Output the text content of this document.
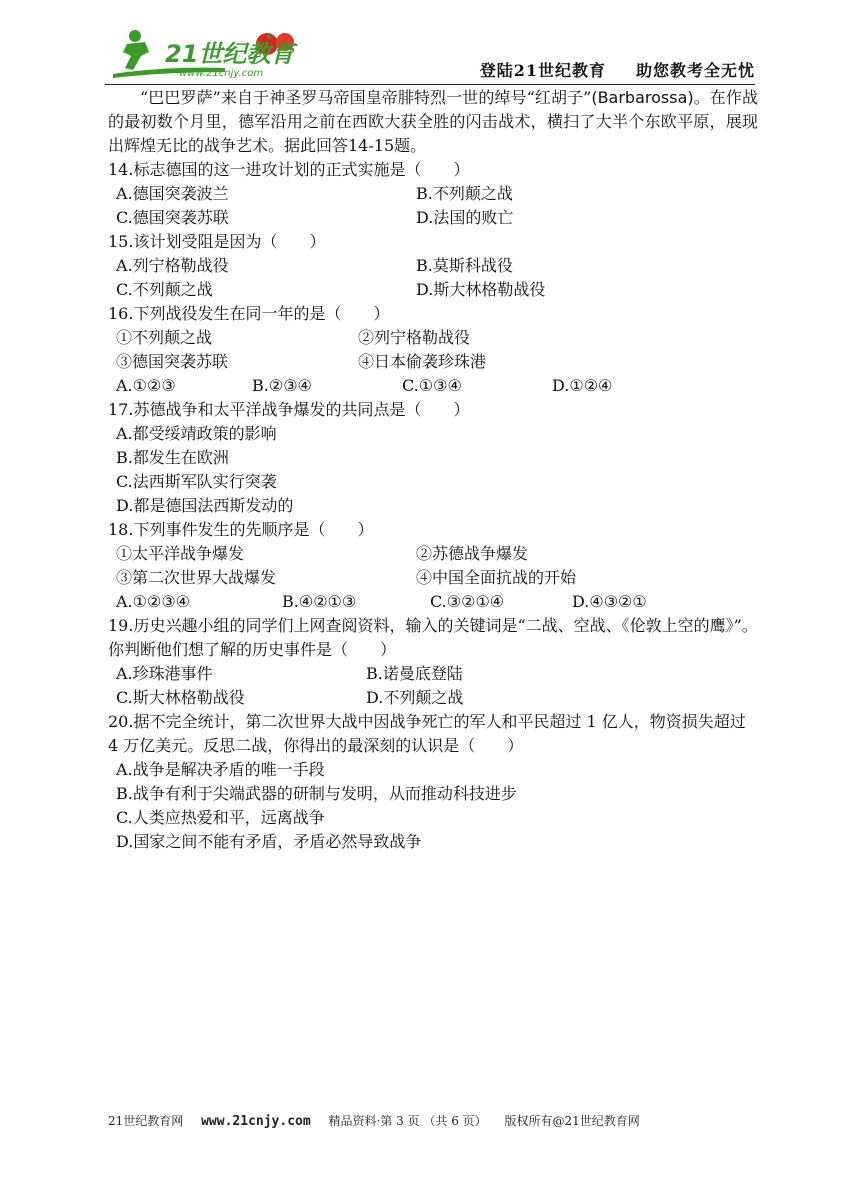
21世纪教育
www.21cnjy.com	登陆21世纪教育 助您教考全无忧

“巴巴罗萨”来自于神圣罗马帝国皇帝腓特烈一世的绰号“红胡子”(Barbarossa)。在作战的最初数个月里，德军沿用之前在西欧大获全胜的闪击战术，横扫了大半个东欧平原，展现出辉煌无比的战争艺术。据此回答14-15题。

14.标志德国的这一进攻计划的正式实施是（　　）
A.德国突袭波兰	B.不列颠之战
C.德国突袭苏联	D.法国的败亡
15.该计划受阻是因为（　　）
A.列宁格勒战役	B.莫斯科战役
C.不列颠之战	D.斯大林格勒战役
16.下列战役发生在同一年的是（　　）
①不列颠之战	②列宁格勒战役
③德国突袭苏联	④日本偷袭珍珠港
A.①②③	B.②③④	C.①③④	D.①②④
17.苏德战争和太平洋战争爆发的共同点是（　　）
A.都受绥靖政策的影响
B.都发生在欧洲
C.法西斯军队实行突袭
D.都是德国法西斯发动的
18.下列事件发生的先顺序是（　　）
①太平洋战争爆发	②苏德战争爆发
③第二次世界大战爆发	④中国全面抗战的开始
A.①②③④	B.④②①③	C.③②①④	D.④③②①
19.历史兴趣小组的同学们上网查阅资料，输入的关键词是“二战、空战、《伦敦上空的鹰》”。你判断他们想了解的历史事件是（　　）
A.珍珠港事件	B.诺曼底登陆
C.斯大林格勒战役	D.不列颠之战
20.据不完全统计，第二次世界大战中因战争死亡的军人和平民超过 1 亿人，物资损失超过 4 万亿美元。反思二战，你得出的最深刻的认识是（　　）
A.战争是解决矛盾的唯一手段
B.战争有利于尖端武器的研制与发明，从而推动科技进步
C.人类应热爱和平，远离战争
D.国家之间不能有矛盾，矛盾必然导致战争
21世纪教育网 www.21cnjy.com 精品资料·第 3 页 （共 6 页） 版权所有@21世纪教育网
